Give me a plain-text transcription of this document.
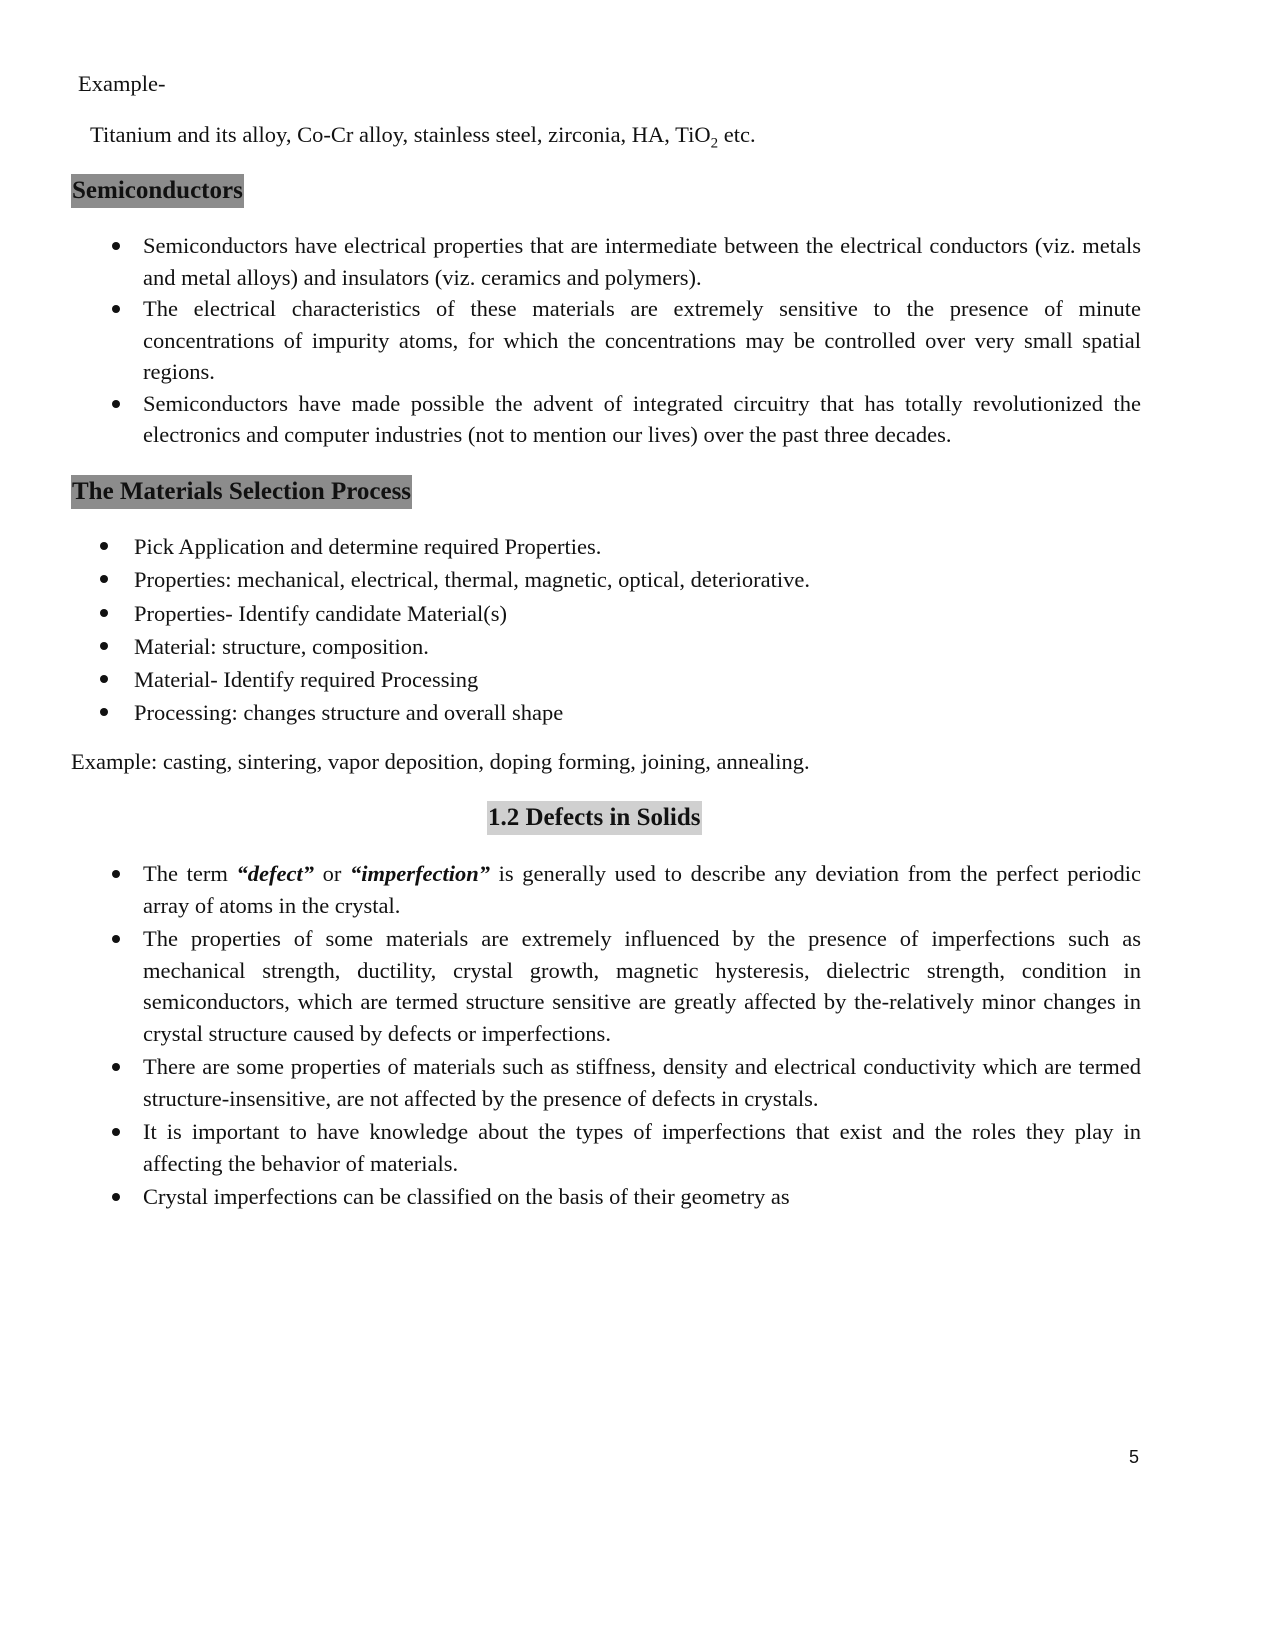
Example-
Titanium and its alloy, Co-Cr alloy, stainless steel, zirconia, HA, TiO$_2$ etc.
Semiconductors
Semiconductors have electrical properties that are intermediate between the electrical conductors (viz. metals and metal alloys) and insulators (viz. ceramics and polymers).
The electrical characteristics of these materials are extremely sensitive to the presence of minute concentrations of impurity atoms, for which the concentrations may be controlled over very small spatial regions.
Semiconductors have made possible the advent of integrated circuitry that has totally revolutionized the electronics and computer industries (not to mention our lives) over the past three decades.
The Materials Selection Process
Pick Application and determine required Properties.
Properties: mechanical, electrical, thermal, magnetic, optical, deteriorative.
Properties- Identify candidate Material(s)
Material: structure, composition.
Material- Identify required Processing
Processing: changes structure and overall shape
Example: casting, sintering, vapor deposition, doping forming, joining, annealing.
1.2 Defects in Solids
The term “defect” or “imperfection” is generally used to describe any deviation from the perfect periodic array of atoms in the crystal.
The properties of some materials are extremely influenced by the presence of imperfections such as mechanical strength, ductility, crystal growth, magnetic hysteresis, dielectric strength, condition in semiconductors, which are termed structure sensitive are greatly affected by the-relatively minor changes in crystal structure caused by defects or imperfections.
There are some properties of materials such as stiffness, density and electrical conductivity which are termed structure-insensitive, are not affected by the presence of defects in crystals.
It is important to have knowledge about the types of imperfections that exist and the roles they play in affecting the behavior of materials.
Crystal imperfections can be classified on the basis of their geometry as
5
